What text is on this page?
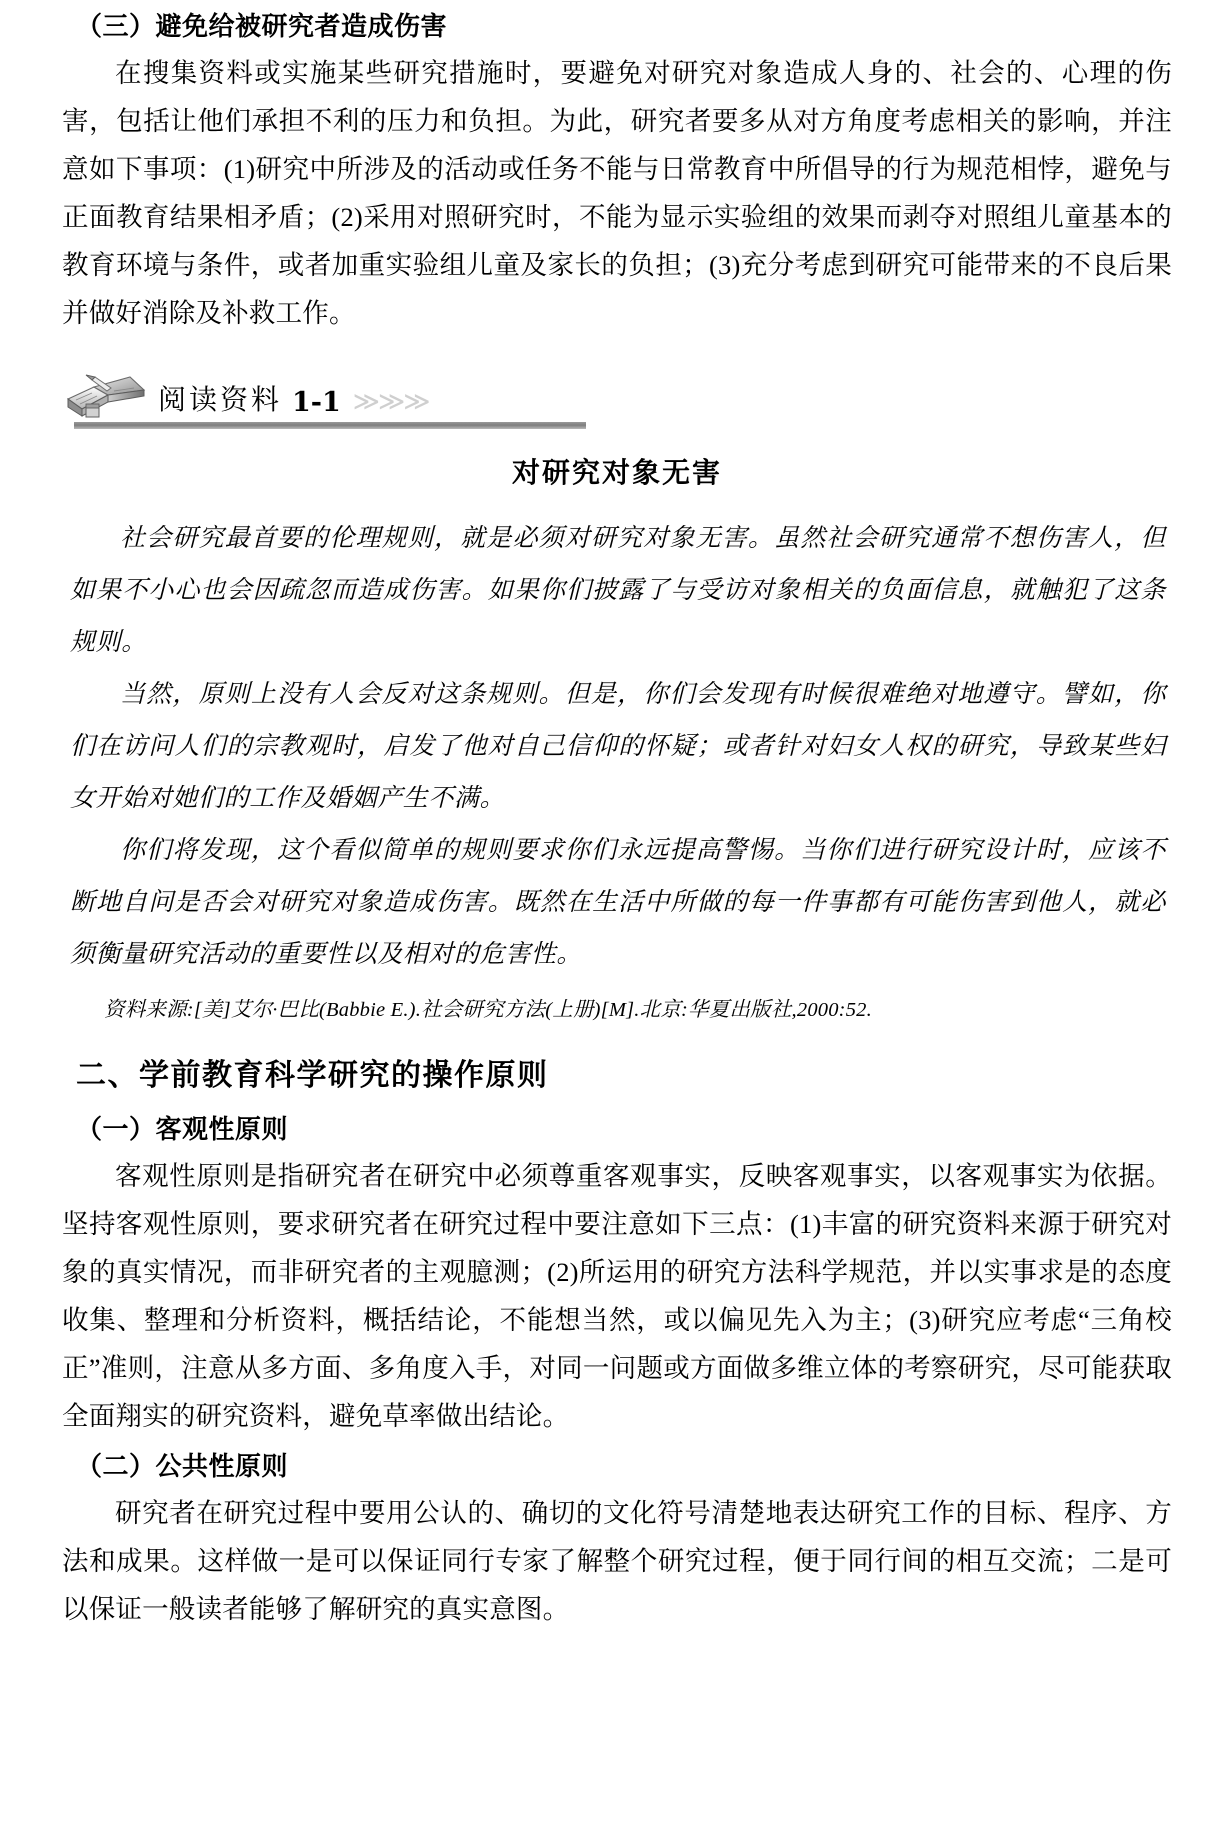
（三）避免给被研究者造成伤害

在搜集资料或实施某些研究措施时，要避免对研究对象造成人身的、社会的、心理的伤害，包括让他们承担不利的压力和负担。为此，研究者要多从对方角度考虑相关的影响，并注意如下事项：(1)研究中所涉及的活动或任务不能与日常教育中所倡导的行为规范相悖，避免与正面教育结果相矛盾；(2)采用对照研究时，不能为显示实验组的效果而剥夺对照组儿童基本的教育环境与条件，或者加重实验组儿童及家长的负担；(3)充分考虑到研究可能带来的不良后果并做好消除及补救工作。

阅读资料 1-1 ≫≫≫
对研究对象无害

社会研究最首要的伦理规则，就是必须对研究对象无害。虽然社会研究通常不想伤害人，但如果不小心也会因疏忽而造成伤害。如果你们披露了与受访对象相关的负面信息，就触犯了这条规则。

当然，原则上没有人会反对这条规则。但是，你们会发现有时候很难绝对地遵守。譬如，你们在访问人们的宗教观时，启发了他对自己信仰的怀疑；或者针对妇女人权的研究，导致某些妇女开始对她们的工作及婚姻产生不满。

你们将发现，这个看似简单的规则要求你们永远提高警惕。当你们进行研究设计时，应该不断地自问是否会对研究对象造成伤害。既然在生活中所做的每一件事都有可能伤害到他人，就必须衡量研究活动的重要性以及相对的危害性。

资料来源:[美]艾尔·巴比(Babbie E.).社会研究方法(上册)[M].北京:华夏出版社,2000:52.

二、学前教育科学研究的操作原则
（一）客观性原则

客观性原则是指研究者在研究中必须尊重客观事实，反映客观事实，以客观事实为依据。坚持客观性原则，要求研究者在研究过程中要注意如下三点：(1)丰富的研究资料来源于研究对象的真实情况，而非研究者的主观臆测；(2)所运用的研究方法科学规范，并以实事求是的态度收集、整理和分析资料，概括结论，不能想当然，或以偏见先入为主；(3)研究应考虑“三角校正”准则，注意从多方面、多角度入手，对同一问题或方面做多维立体的考察研究，尽可能获取全面翔实的研究资料，避免草率做出结论。

（二）公共性原则

研究者在研究过程中要用公认的、确切的文化符号清楚地表达研究工作的目标、程序、方法和成果。这样做一是可以保证同行专家了解整个研究过程，便于同行间的相互交流；二是可以保证一般读者能够了解研究的真实意图。
